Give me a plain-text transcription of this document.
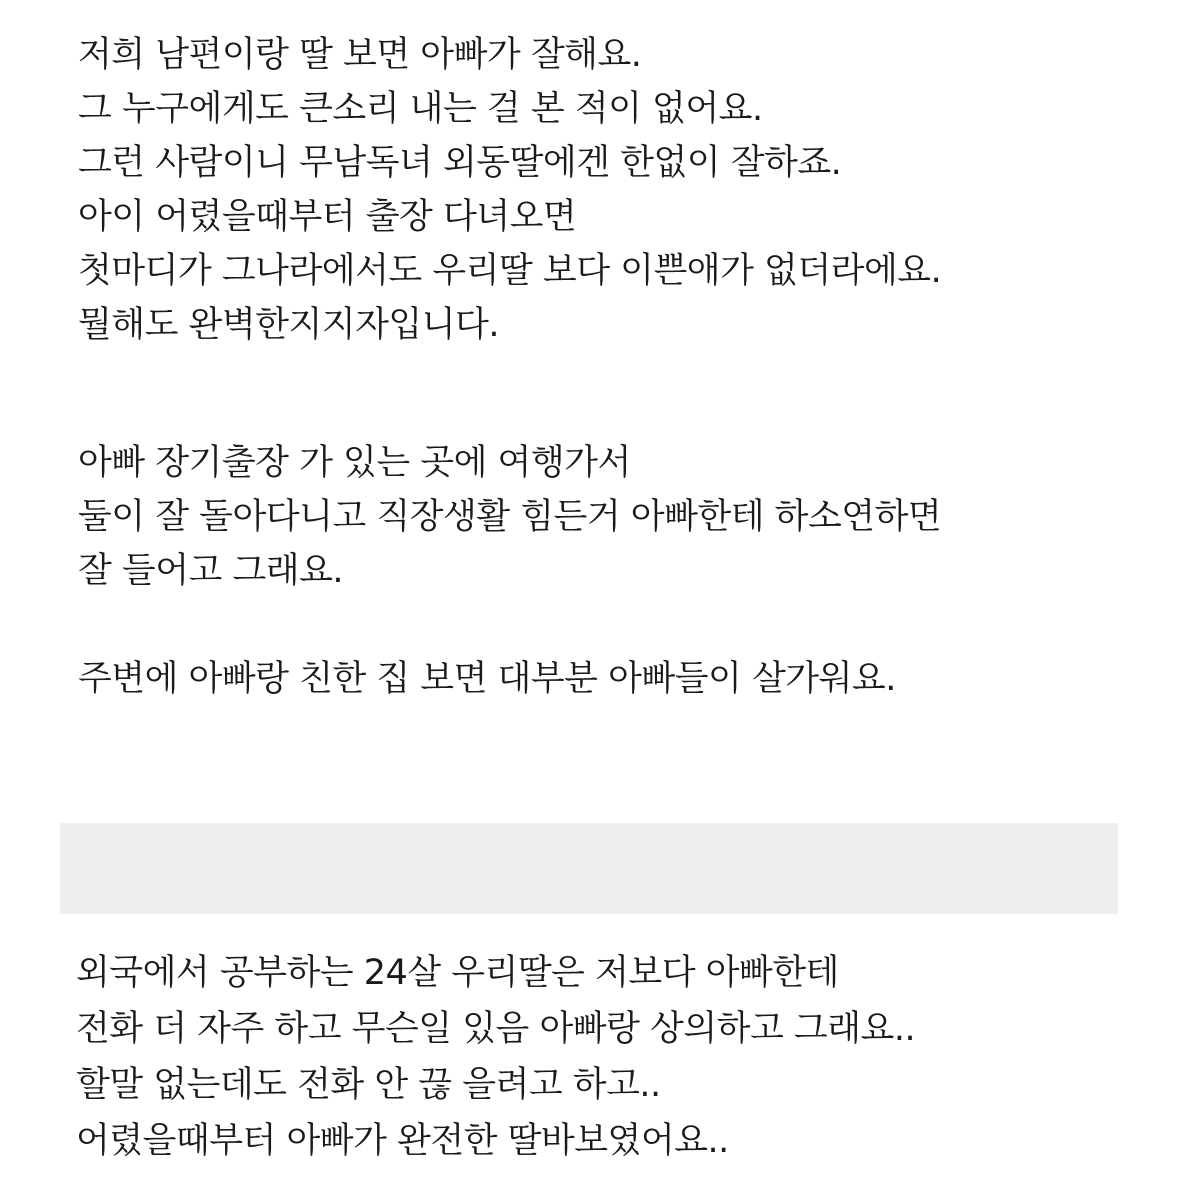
저희 남편이랑 딸 보면 아빠가 잘해요.
그 누구에게도 큰소리 내는 걸 본 적이 없어요.
그런 사람이니 무남독녀 외동딸에겐 한없이 잘하죠.
아이 어렸을때부터 출장 다녀오면
첫마디가 그나라에서도 우리딸 보다 이쁜애가 없더라에요.
뭘해도 완벽한지지자입니다.
아빠 장기출장 가 있는 곳에 여행가서
둘이 잘 돌아다니고 직장생활 힘든거 아빠한테 하소연하면
잘 들어고 그래요.
주변에 아빠랑 친한 집 보면 대부분 아빠들이 살가워요.
외국에서 공부하는 24살 우리딸은 저보다 아빠한테
전화 더 자주 하고 무슨일 있음 아빠랑 상의하고 그래요..
할말 없는데도 전화 안 끊 을려고 하고..
어렸을때부터 아빠가 완전한 딸바보였어요..
